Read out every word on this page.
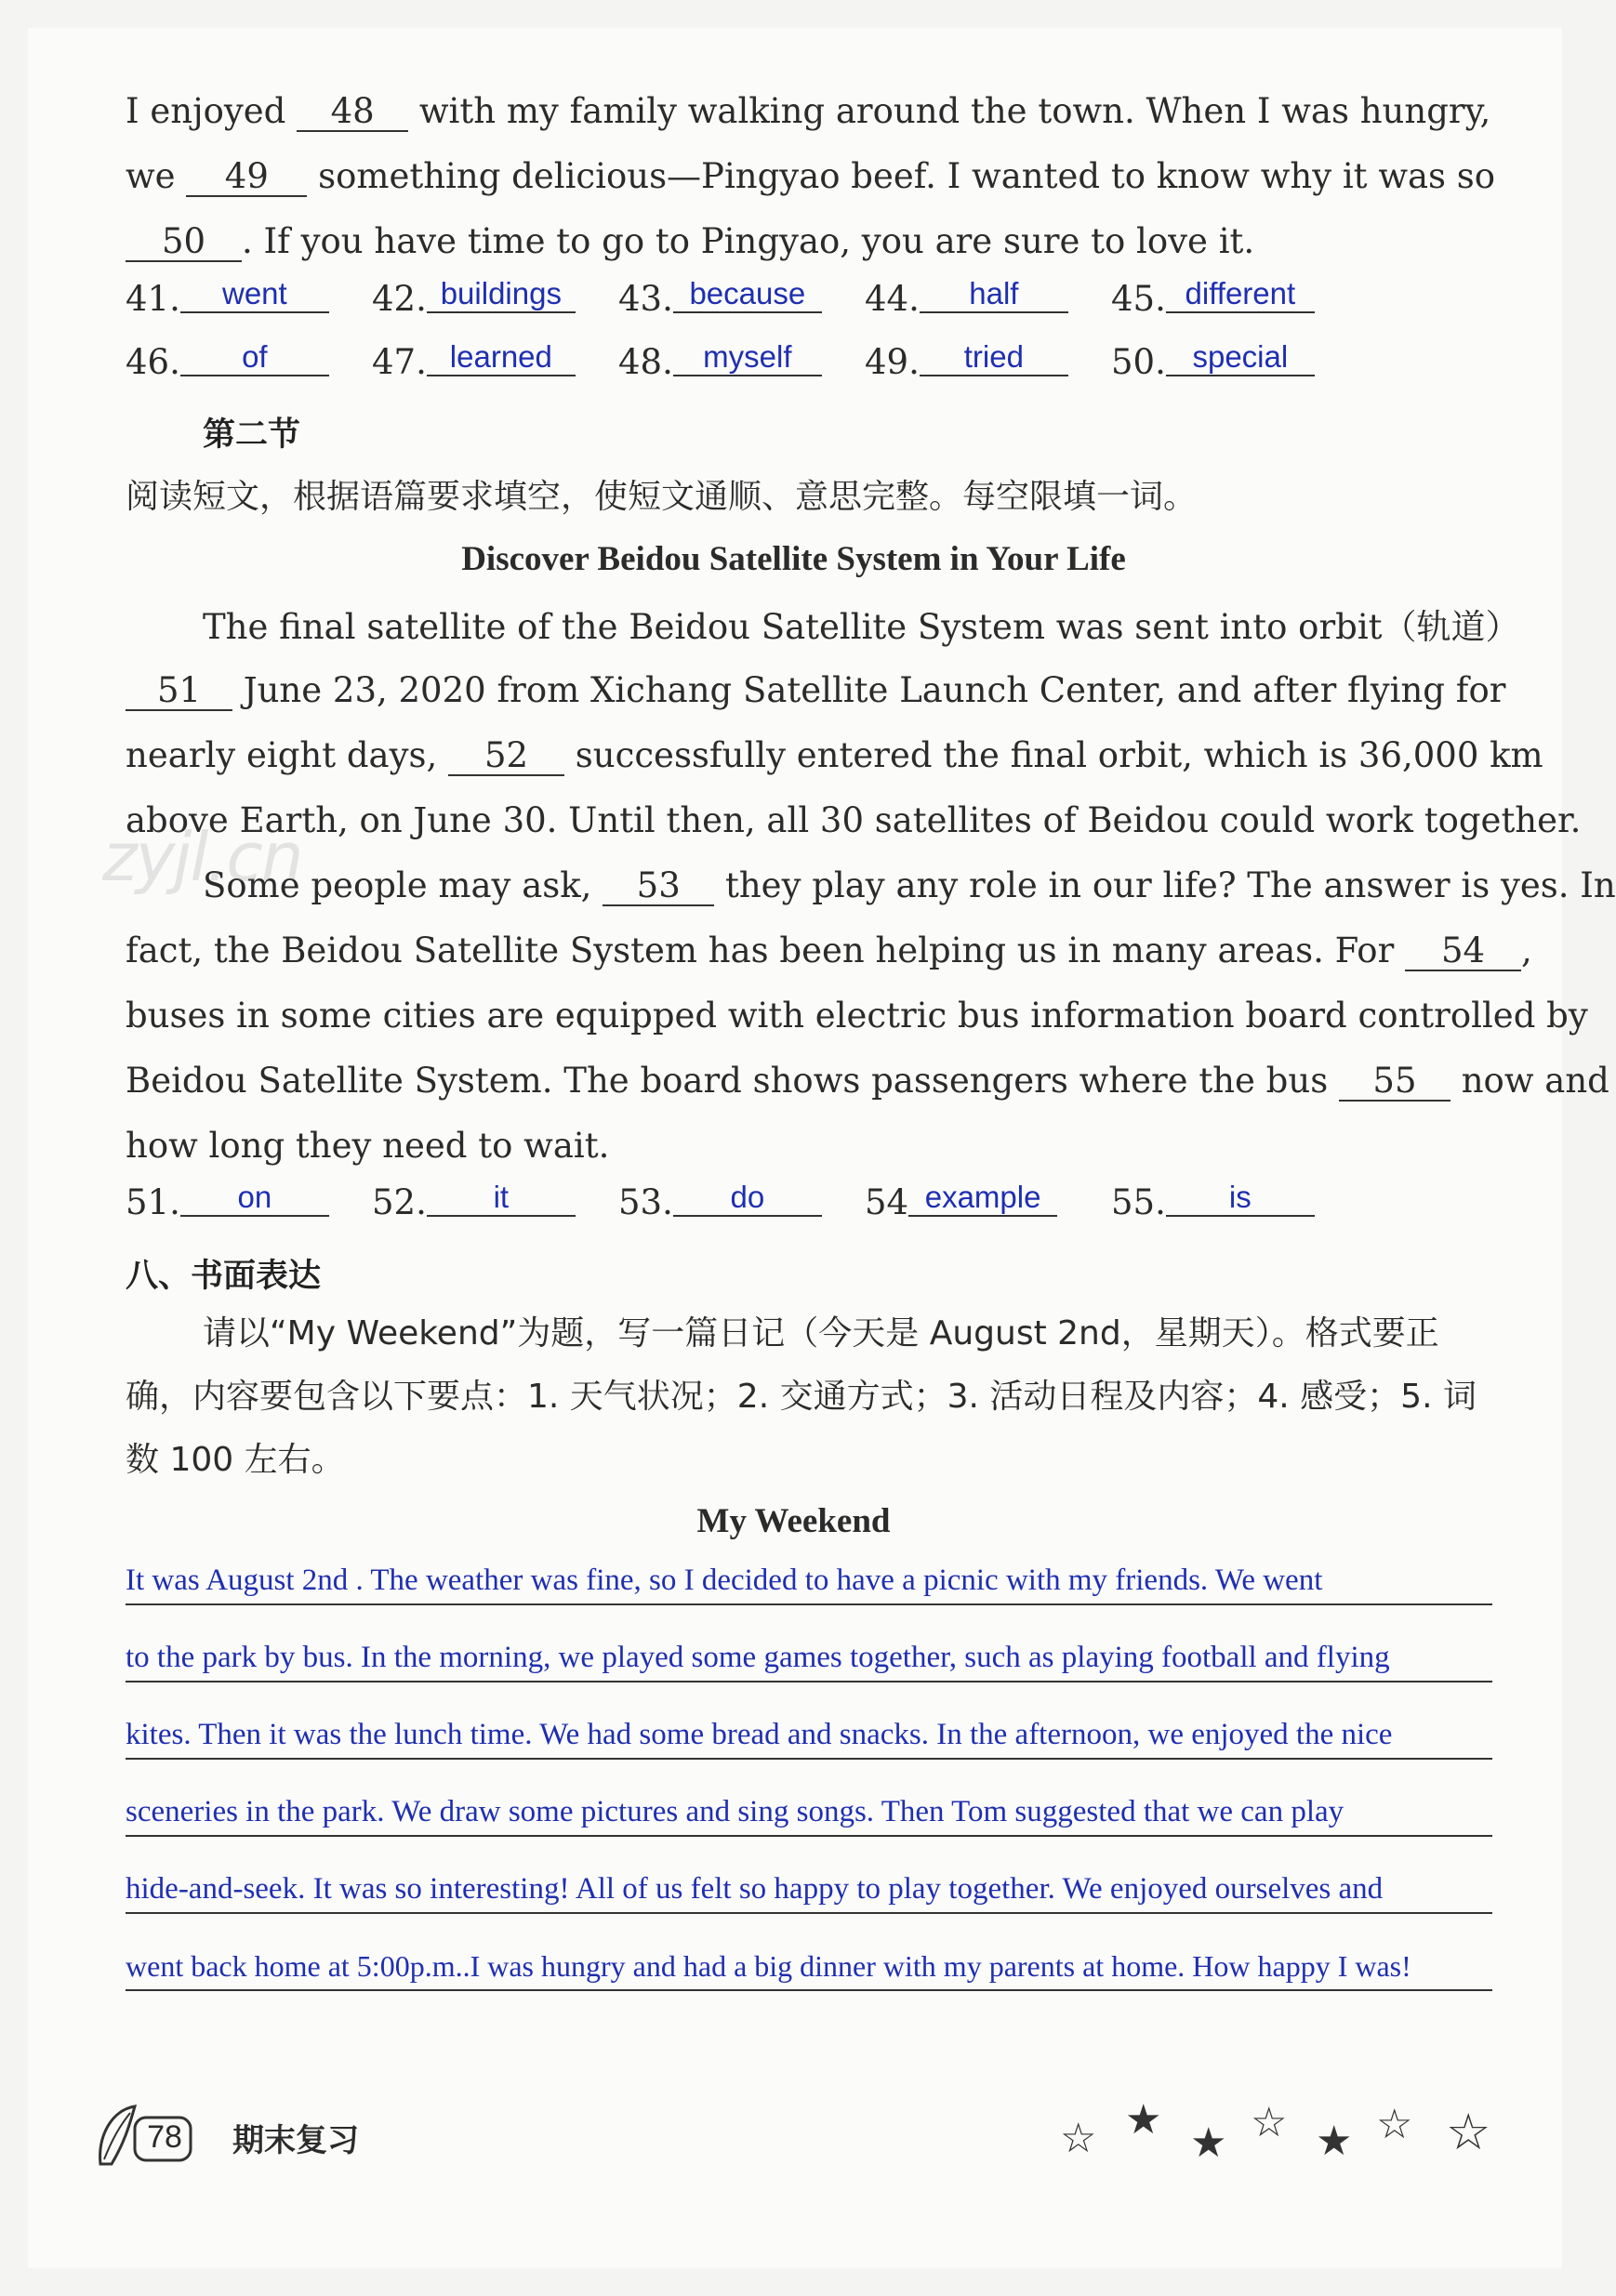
I enjoyed 48 with my family walking around the town. When I was hungry,
we 49 something delicious—Pingyao beef. I wanted to know why it was so
50 . If you have time to go to Pingyao, you are sure to love it.
41. went	42. buildings	43. because	44. half	45. different
46. of	47. learned	48. myself	49. tried	50. special
第二节
阅读短文，根据语篇要求填空，使短文通顺、意思完整。每空限填一词。
Discover Beidou Satellite System in Your Life
The final satellite of the Beidou Satellite System was sent into orbit（轨道）
51 June 23, 2020 from Xichang Satellite Launch Center, and after flying for
nearly eight days, 52 successfully entered the final orbit, which is 36,000 km
above Earth, on June 30. Until then, all 30 satellites of Beidou could work together.
Some people may ask, 53 they play any role in our life? The answer is yes. In
fact, the Beidou Satellite System has been helping us in many areas. For 54 ,
buses in some cities are equipped with electric bus information board controlled by
Beidou Satellite System. The board shows passengers where the bus 55 now and
how long they need to wait.
51. on	52. it	53. do	54 example	55. is
zyjl.cn
八、书面表达
请以“My Weekend”为题，写一篇日记（今天是 August 2nd，星期天）。格式要正
确，内容要包含以下要点：1. 天气状况；2. 交通方式；3. 活动日程及内容；4. 感受；5. 词
数 100 左右。
My Weekend
It was August 2nd . The weather was fine, so I decided to have a picnic with my friends. We went
to the park by bus. In the morning, we played some games together, such as playing football and flying
kites. Then it was the lunch time. We had some bread and snacks. In the afternoon, we enjoyed the nice
sceneries in the park. We draw some pictures and sing songs. Then Tom suggested that we can play
hide-and-seek. It was so interesting! All of us felt so happy to play together. We enjoyed ourselves and
went back home at 5:00p.m..I was hungry and had a big dinner with my parents at home. How happy I was!
78 期末复习	☆ ★ ★ ☆ ★ ☆ ☆
